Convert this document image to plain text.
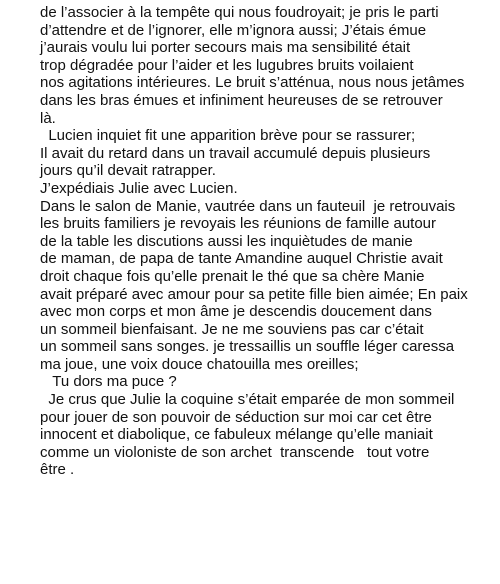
de l’associer à la tempête qui nous foudroyait; je pris le parti
d’attendre et de l’ignorer, elle m’ignora aussi; J’étais émue
j’aurais voulu lui porter secours mais ma sensibilité était
trop dégradée pour l’aider et les lugubres bruits voilaient
nos agitations intérieures. Le bruit s’atténua, nous nous jetâmes
dans les bras émues et infiniment heureuses de se retrouver
là.
Lucien inquiet fit une apparition brève pour se rassurer;
Il avait du retard dans un travail accumulé depuis plusieurs
jours qu’il devait ratrapper.
J’expédiais Julie avec Lucien.
Dans le salon de Manie, vautrée dans un fauteuil  je retrouvais
les bruits familiers je revoyais les réunions de famille autour
de la table les discutions aussi les inquiètudes de manie
de maman, de papa de tante Amandine auquel Christie avait
droit chaque fois qu’elle prenait le thé que sa chère Manie
avait préparé avec amour pour sa petite fille bien aimée; En paix
avec mon corps et mon âme je descendis doucement dans
un sommeil bienfaisant. Je ne me souviens pas car c’était
un sommeil sans songes. je tressaillis un souffle léger caressa
ma joue, une voix douce chatouilla mes oreilles;
Tu dors ma puce ?
Je crus que Julie la coquine s’était emparée de mon sommeil
pour jouer de son pouvoir de séduction sur moi car cet être
innocent et diabolique, ce fabuleux mélange qu’elle maniait
comme un violoniste de son archet  transcende   tout votre
être .
